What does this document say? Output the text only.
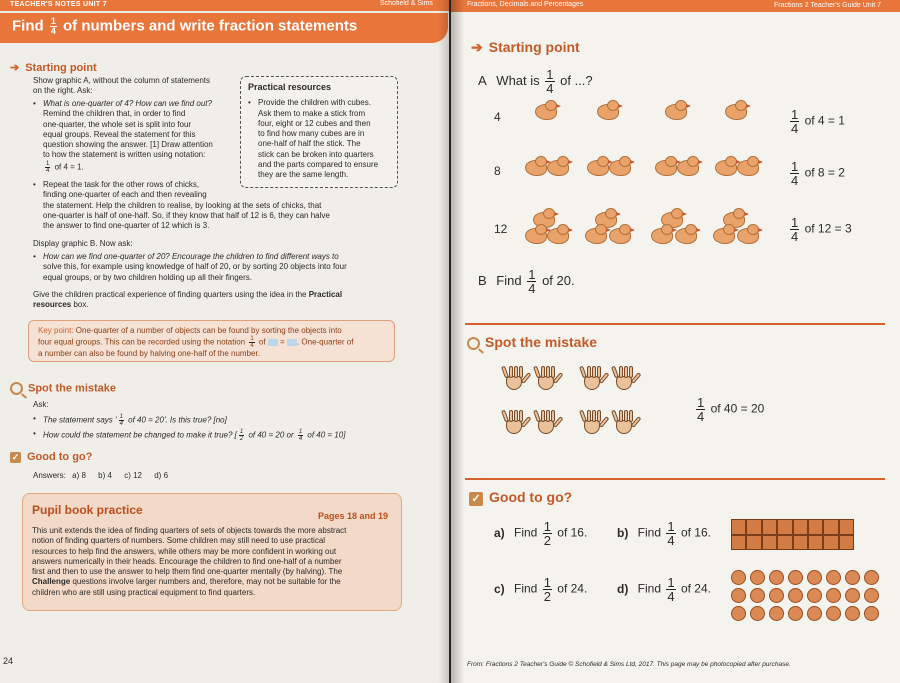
TEACHER'S NOTES UNIT 7	Schofield & Sims
Find $\frac{1}{4}$ of numbers and write fraction statements
➔ Starting point
Show graphic A, without the column of statements
on the right. Ask:
• What is one-quarter of 4? How can we find out?
Remind the children that, in order to find
one-quarter, the whole set is split into four
equal groups. Reveal the statement for this
question showing the answer. [1] Draw attention
to how the statement is written using notation:
$\frac{1}{4}$ of 4 = 1.
• Repeat the task for the other rows of chicks,
finding one-quarter of each and then revealing
the statement. Help the children to realise, by looking at the sets of chicks, that
one-quarter is half of one-half. So, if they know that half of 12 is 6, they can halve
the answer to find one-quarter of 12 which is 3.
Practical resources
• Provide the children with cubes.
Ask them to make a stick from
four, eight or 12 cubes and then
to find how many cubes are in
one-half of half the stick. The
stick can be broken into quarters
and the parts compared to ensure
they are the same length.
Display graphic B. Now ask:
• How can we find one-quarter of 20? Encourage the children to find different ways to
solve this, for example using knowledge of half of 20, or by sorting 20 objects into four
equal groups, or by two children holding up all their fingers.
Give the children practical experience of finding quarters using the idea in the Practical
resources box.
Key point: One-quarter of a number of objects can be found by sorting the objects into
four equal groups. This can be recorded using the notation $\frac{1}{4}$ of = . One-quarter of
a number can also be found by halving one-half of the number.
Spot the mistake
Ask:
• The statement says ' $\frac{1}{4}$ of 40 = 20'. Is this true? [no]
• How could the statement be changed to make it true? [ $\frac{1}{2}$ of 40 = 20 or $\frac{1}{4}$ of 40 = 10]
✓ Good to go?
Answers: a) 8 b) 4 c) 12 d) 6
Pupil book practice	Pages 18 and 19
This unit extends the idea of finding quarters of sets of objects towards the more abstract
notion of finding quarters of numbers. Some children may still need to use practical
resources to help find the answers, while others may be more confident in working out
answers numerically in their heads. Encourage the children to find one-half of a number
first and then to use the answer to help them find one-quarter mentally (by halving). The
Challenge questions involve larger numbers and, therefore, may not be suitable for the
children who are still using practical equipment to find quarters.
24
Fractions, Decimals and Percentages	Fractions 2 Teacher's Guide Unit 7
➔ Starting point
A What is $\frac{1}{4}$ of ...?
4	$\frac{1}{4}$ of 4 = 1
8	$\frac{1}{4}$ of 8 = 2
12	$\frac{1}{4}$ of 12 = 3
B Find $\frac{1}{4}$ of 20.
Spot the mistake
$\frac{1}{4}$ of 40 = 20
✓ Good to go?
a) Find $\frac{1}{2}$ of 16. b) Find $\frac{1}{4}$ of 16.
c) Find $\frac{1}{2}$ of 24. d) Find $\frac{1}{4}$ of 24.
From: Fractions 2 Teacher's Guide © Schofield & Sims Ltd, 2017. This page may be photocopied after purchase.
